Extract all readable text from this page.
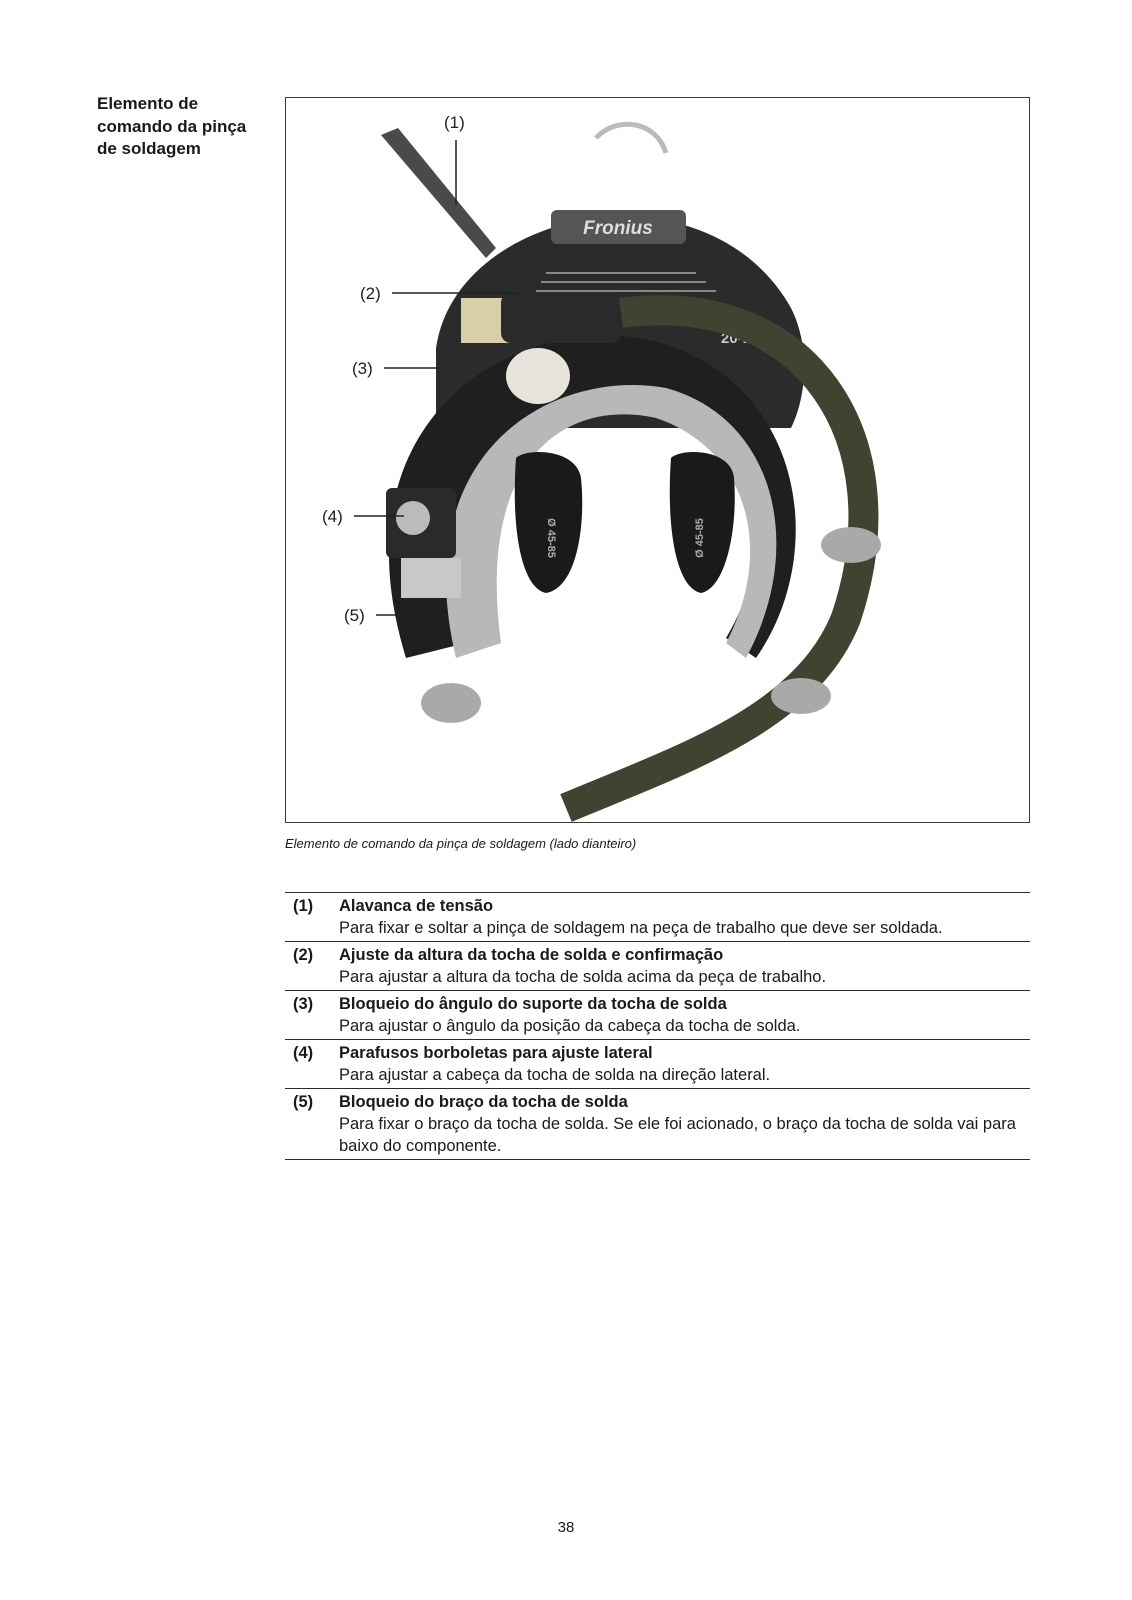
Elemento de comando da pinça de soldagem
Fronius
FOH
20-114
Ø 45-85	Ø 45-85
(1)
(2)
(3)
(4)
(5)
Elemento de comando da pinça de soldagem (lado dianteiro)
(1)	Alavanca de tensão
Para fixar e soltar a pinça de soldagem na peça de trabalho que deve ser soldada.

(2)	Ajuste da altura da tocha de solda e confirmação
Para ajustar a altura da tocha de solda acima da peça de trabalho.

(3)	Bloqueio do ângulo do suporte da tocha de solda
Para ajustar o ângulo da posição da cabeça da tocha de solda.

(4)	Parafusos borboletas para ajuste lateral
Para ajustar a cabeça da tocha de solda na direção lateral.

(5)	Bloqueio do braço da tocha de solda
Para fixar o braço da tocha de solda. Se ele foi acionado, o braço da tocha de solda vai para baixo do componente.
38
